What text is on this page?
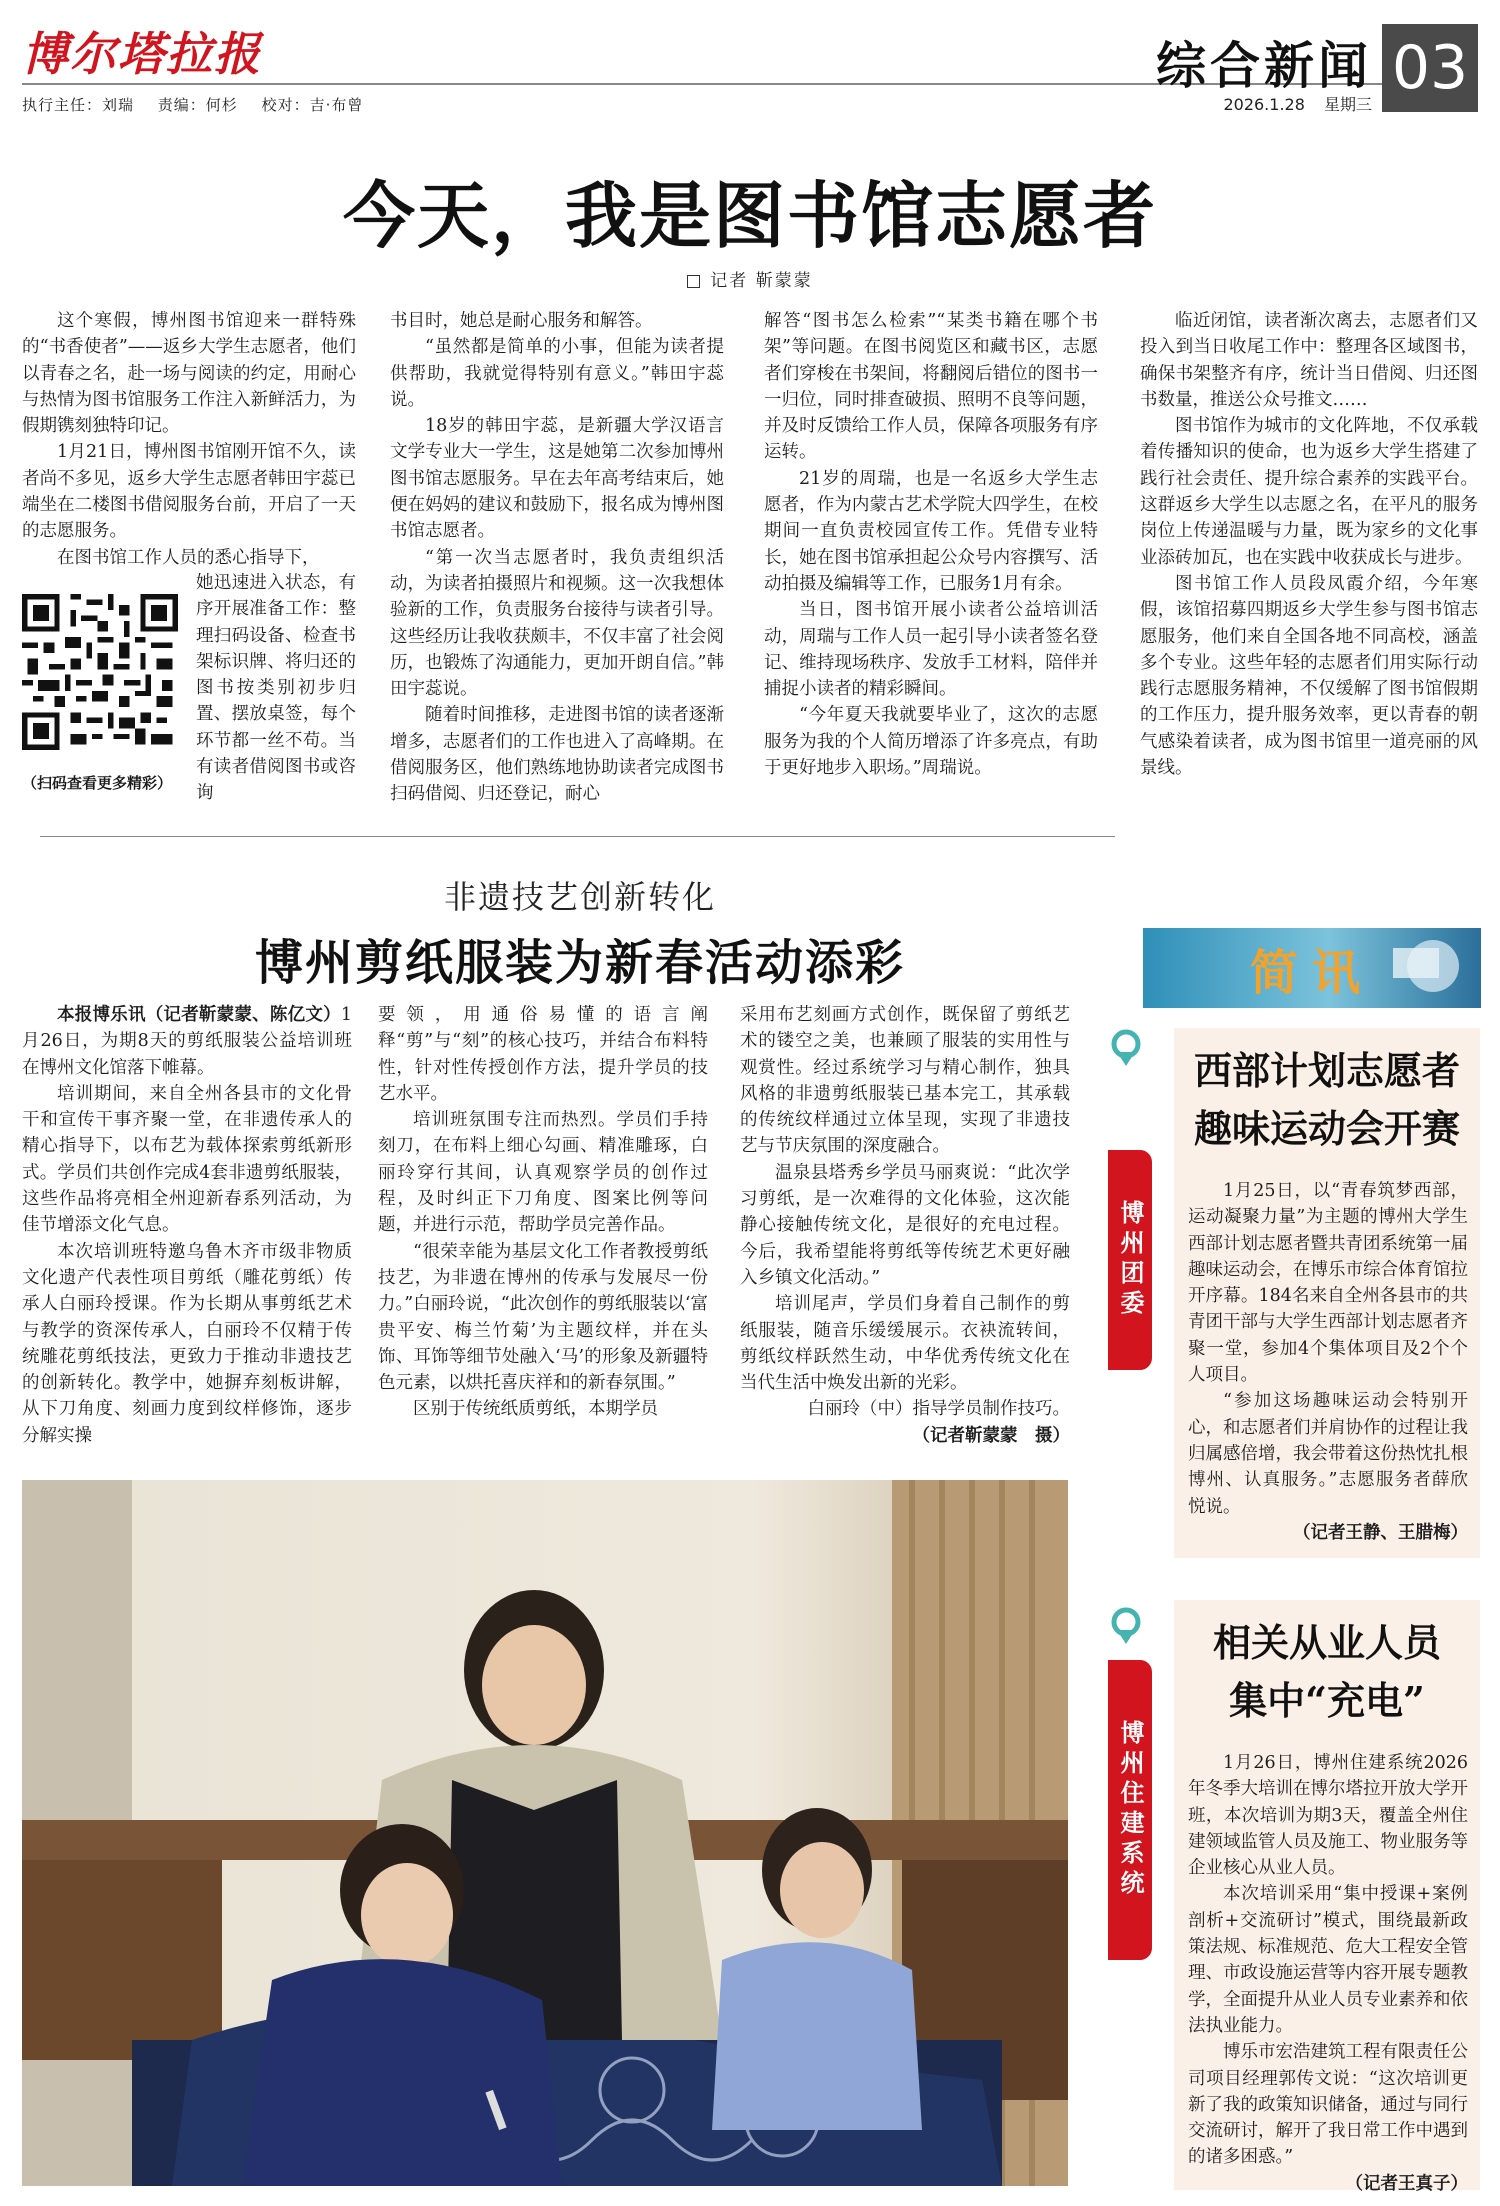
博尔塔拉报
执行主任：刘瑞 责编：何杉 校对：吉·布曾
综合新闻 03
2026.1.28 星期三
今天，我是图书馆志愿者
记者 靳蒙蒙

这个寒假，博州图书馆迎来一群特殊的“书香使者”——返乡大学生志愿者，他们以青春之名，赴一场与阅读的约定，用耐心与热情为图书馆服务工作注入新鲜活力，为假期镌刻独特印记。

1月21日，博州图书馆刚开馆不久，读者尚不多见，返乡大学生志愿者韩田宇蕊已端坐在二楼图书借阅服务台前，开启了一天的志愿服务。

在图书馆工作人员的悉心指导下，

她迅速进入状态，有序开展准备工作：整理扫码设备、检查书架标识牌、将归还的图书按类别初步归置、摆放桌签，每个环节都一丝不苟。当有读者借阅图书或咨询

（扫码查看更多精彩）

书目时，她总是耐心服务和解答。

“虽然都是简单的小事，但能为读者提供帮助，我就觉得特别有意义。”韩田宇蕊说。

18岁的韩田宇蕊，是新疆大学汉语言文学专业大一学生，这是她第二次参加博州图书馆志愿服务。早在去年高考结束后，她便在妈妈的建议和鼓励下，报名成为博州图书馆志愿者。

“第一次当志愿者时，我负责组织活动，为读者拍摄照片和视频。这一次我想体验新的工作，负责服务台接待与读者引导。这些经历让我收获颇丰，不仅丰富了社会阅历，也锻炼了沟通能力，更加开朗自信。”韩田宇蕊说。

随着时间推移，走进图书馆的读者逐渐增多，志愿者们的工作也进入了高峰期。在借阅服务区，他们熟练地协助读者完成图书扫码借阅、归还登记，耐心

解答“图书怎么检索”“某类书籍在哪个书架”等问题。在图书阅览区和藏书区，志愿者们穿梭在书架间，将翻阅后错位的图书一一归位，同时排查破损、照明不良等问题，并及时反馈给工作人员，保障各项服务有序运转。

21岁的周瑞，也是一名返乡大学生志愿者，作为内蒙古艺术学院大四学生，在校期间一直负责校园宣传工作。凭借专业特长，她在图书馆承担起公众号内容撰写、活动拍摄及编辑等工作，已服务1月有余。

当日，图书馆开展小读者公益培训活动，周瑞与工作人员一起引导小读者签名登记、维持现场秩序、发放手工材料，陪伴并捕捉小读者的精彩瞬间。

“今年夏天我就要毕业了，这次的志愿服务为我的个人简历增添了许多亮点，有助于更好地步入职场。”周瑞说。

临近闭馆，读者渐次离去，志愿者们又投入到当日收尾工作中：整理各区域图书，确保书架整齐有序，统计当日借阅、归还图书数量，推送公众号推文……

图书馆作为城市的文化阵地，不仅承载着传播知识的使命，也为返乡大学生搭建了践行社会责任、提升综合素养的实践平台。这群返乡大学生以志愿之名，在平凡的服务岗位上传递温暖与力量，既为家乡的文化事业添砖加瓦，也在实践中收获成长与进步。

图书馆工作人员段凤霞介绍，今年寒假，该馆招募四期返乡大学生参与图书馆志愿服务，他们来自全国各地不同高校，涵盖多个专业。这些年轻的志愿者们用实际行动践行志愿服务精神，不仅缓解了图书馆假期的工作压力，提升服务效率，更以青春的朝气感染着读者，成为图书馆里一道亮丽的风景线。

非遗技艺创新转化
博州剪纸服装为新春活动添彩

本报博乐讯（记者靳蒙蒙、陈亿文）1月26日，为期8天的剪纸服装公益培训班在博州文化馆落下帷幕。

培训期间，来自全州各县市的文化骨干和宣传干事齐聚一堂，在非遗传承人的精心指导下，以布艺为载体探索剪纸新形式。学员们共创作完成4套非遗剪纸服装，这些作品将亮相全州迎新春系列活动，为佳节增添文化气息。

本次培训班特邀乌鲁木齐市级非物质文化遗产代表性项目剪纸（雕花剪纸）传承人白丽玲授课。作为长期从事剪纸艺术与教学的资深传承人，白丽玲不仅精于传统雕花剪纸技法，更致力于推动非遗技艺的创新转化。教学中，她摒弃刻板讲解，从下刀角度、刻画力度到纹样修饰，逐步分解实操

要领，用通俗易懂的语言阐释“剪”与“刻”的核心技巧，并结合布料特性，针对性传授创作方法，提升学员的技艺水平。

培训班氛围专注而热烈。学员们手持刻刀，在布料上细心勾画、精准雕琢，白丽玲穿行其间，认真观察学员的创作过程，及时纠正下刀角度、图案比例等问题，并进行示范，帮助学员完善作品。

“很荣幸能为基层文化工作者教授剪纸技艺，为非遗在博州的传承与发展尽一份力。”白丽玲说，“此次创作的剪纸服装以‘富贵平安、梅兰竹菊’为主题纹样，并在头饰、耳饰等细节处融入‘马’的形象及新疆特色元素，以烘托喜庆祥和的新春氛围。”

区别于传统纸质剪纸，本期学员

采用布艺刻画方式创作，既保留了剪纸艺术的镂空之美，也兼顾了服装的实用性与观赏性。经过系统学习与精心制作，独具风格的非遗剪纸服装已基本完工，其承载的传统纹样通过立体呈现，实现了非遗技艺与节庆氛围的深度融合。

温泉县塔秀乡学员马丽爽说：“此次学习剪纸，是一次难得的文化体验，这次能静心接触传统文化，是很好的充电过程。今后，我希望能将剪纸等传统艺术更好融入乡镇文化活动。”

培训尾声，学员们身着自己制作的剪纸服装，随音乐缓缓展示。衣袂流转间，剪纸纹样跃然生动，中华优秀传统文化在当代生活中焕发出新的光彩。

白丽玲（中）指导学员制作技巧。

（记者靳蒙蒙　摄）

简讯
博州团委
西部计划志愿者
趣味运动会开赛

1月25日，以“青春筑梦西部，运动凝聚力量”为主题的博州大学生西部计划志愿者暨共青团系统第一届趣味运动会，在博乐市综合体育馆拉开序幕。184名来自全州各县市的共青团干部与大学生西部计划志愿者齐聚一堂，参加4个集体项目及2个个人项目。

“参加这场趣味运动会特别开心，和志愿者们并肩协作的过程让我归属感倍增，我会带着这份热忱扎根博州、认真服务。”志愿服务者薛欣悦说。

（记者王静、王腊梅）

博州住建系统
相关从业人员
集中“充电”

1月26日，博州住建系统2026年冬季大培训在博尔塔拉开放大学开班，本次培训为期3天，覆盖全州住建领域监管人员及施工、物业服务等企业核心从业人员。

本次培训采用“集中授课+案例剖析+交流研讨”模式，围绕最新政策法规、标准规范、危大工程安全管理、市政设施运营等内容开展专题教学，全面提升从业人员专业素养和依法执业能力。

博乐市宏浩建筑工程有限责任公司项目经理郭传文说：“这次培训更新了我的政策知识储备，通过与同行交流研讨，解开了我日常工作中遇到的诸多困惑。”

（记者王真子）
